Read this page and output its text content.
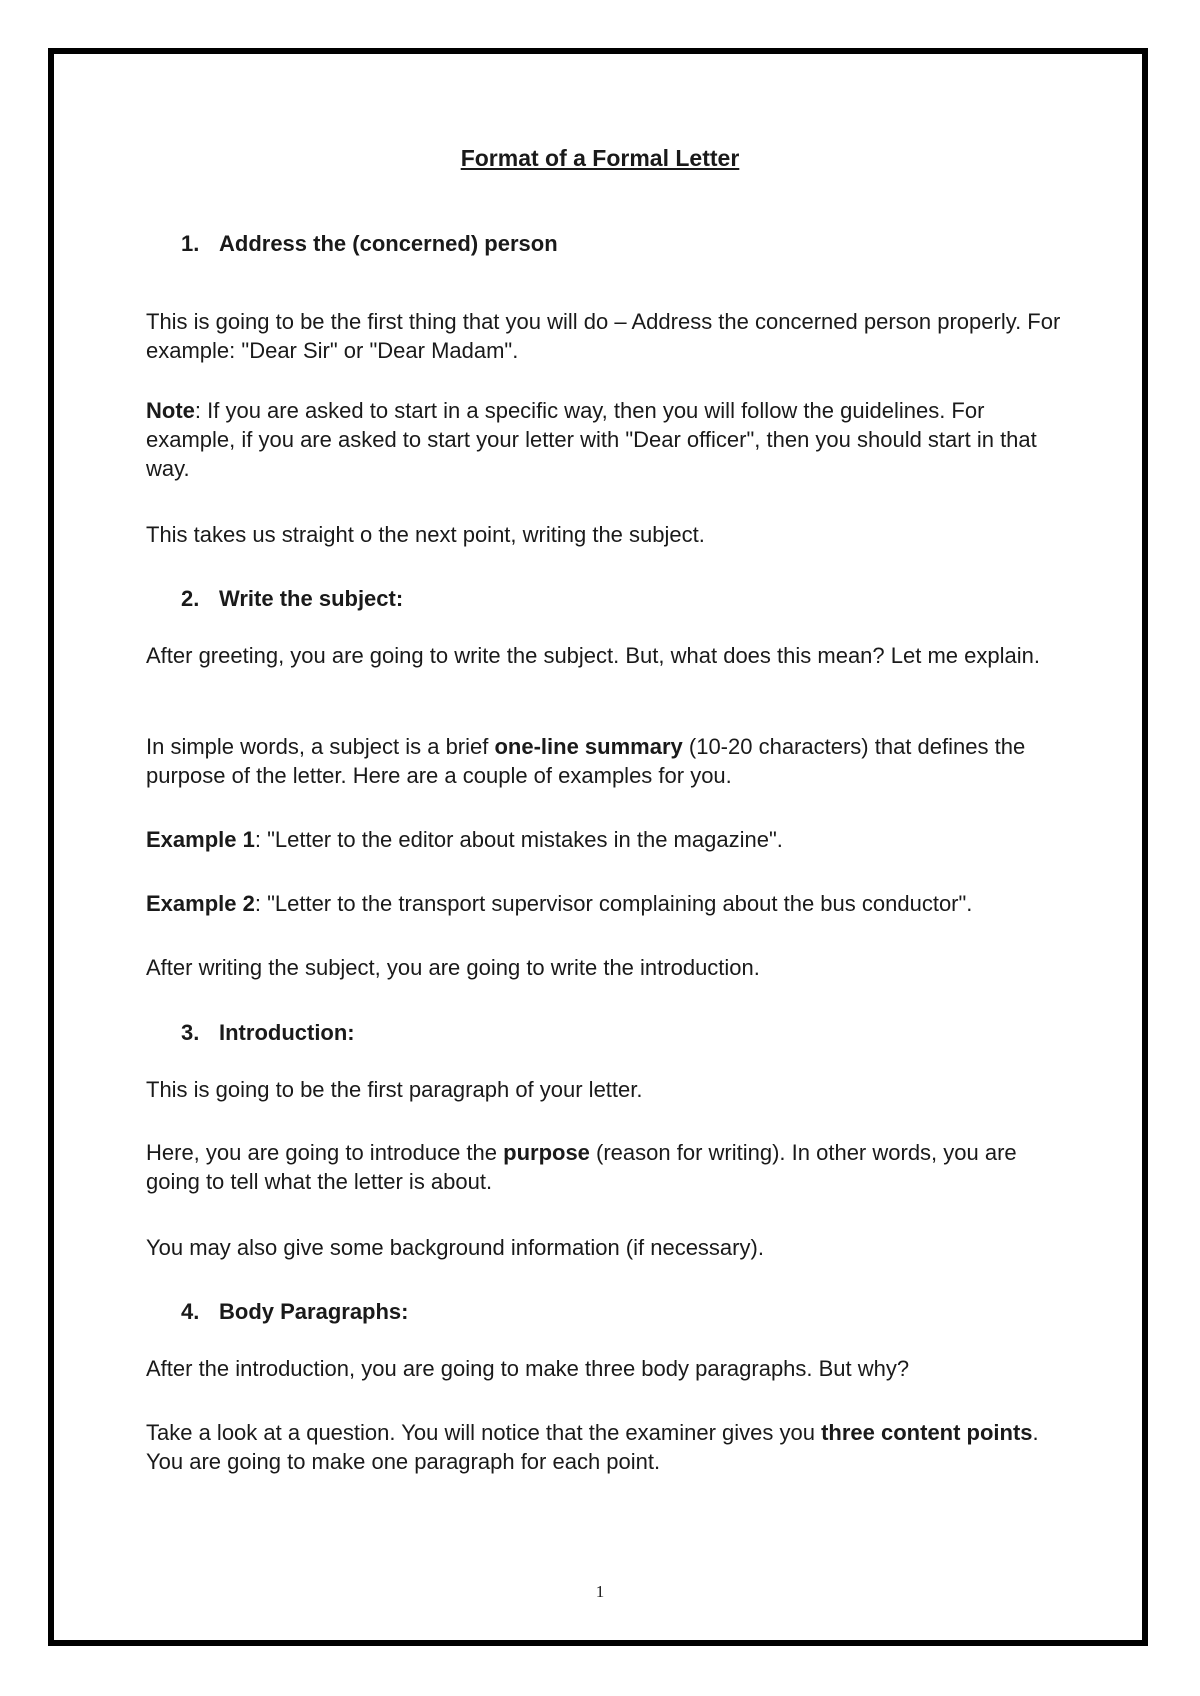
Format of a Formal Letter
1. Address the (concerned) person

This is going to be the first thing that you will do – Address the concerned person properly. For example: "Dear Sir" or "Dear Madam".

Note: If you are asked to start in a specific way, then you will follow the guidelines. For example, if you are asked to start your letter with "Dear officer", then you should start in that way.

This takes us straight o the next point, writing the subject.

2. Write the subject:

After greeting, you are going to write the subject. But, what does this mean? Let me explain.

In simple words, a subject is a brief one-line summary (10-20 characters) that defines the purpose of the letter. Here are a couple of examples for you.

Example 1: "Letter to the editor about mistakes in the magazine".

Example 2: "Letter to the transport supervisor complaining about the bus conductor".

After writing the subject, you are going to write the introduction.

3. Introduction:

This is going to be the first paragraph of your letter.

Here, you are going to introduce the purpose (reason for writing). In other words, you are going to tell what the letter is about.

You may also give some background information (if necessary).

4. Body Paragraphs:

After the introduction, you are going to make three body paragraphs. But why?

Take a look at a question. You will notice that the examiner gives you three content points. You are going to make one paragraph for each point.

1
